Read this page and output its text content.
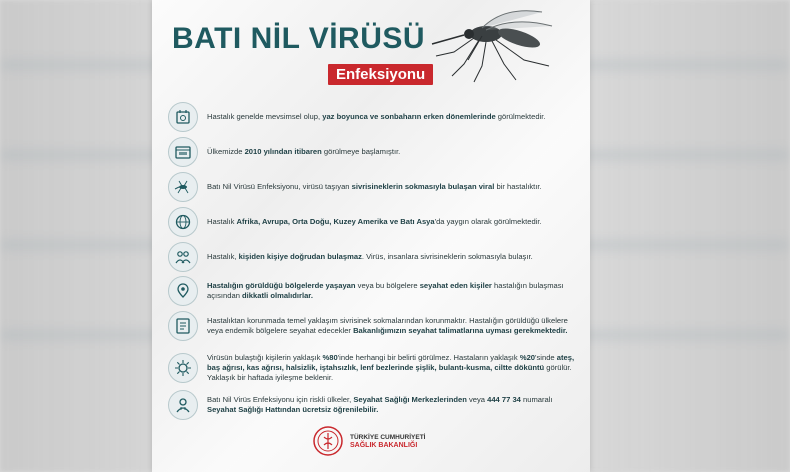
BATI NİL VİRÜSÜ
Enfeksiyonu
Hastalık genelde mevsimsel olup, yaz boyunca ve sonbaharın erken dönemlerinde görülmektedir.
Ülkemizde 2010 yılından itibaren görülmeye başlamıştır.
Batı Nil Virüsü Enfeksiyonu, virüsü taşıyan sivrisineklerin sokmasıyla bulaşan viral bir hastalıktır.
Hastalık Afrika, Avrupa, Orta Doğu, Kuzey Amerika ve Batı Asya'da yaygın olarak görülmektedir.
Hastalık, kişiden kişiye doğrudan bulaşmaz. Virüs, insanlara sivrisineklerin sokmasıyla bulaşır.
Hastalığın görüldüğü bölgelerde yaşayan veya bu bölgelere seyahat eden kişiler hastalığın bulaşması açısından dikkatli olmalıdırlar.
Hastalıktan korunmada temel yaklaşım sivrisinek sokmalarından korunmaktır. Hastalığın görüldüğü ülkelere veya endemik bölgelere seyahat edecekler Bakanlığımızın seyahat talimatlarına uyması gerekmektedir.
Virüsün bulaştığı kişilerin yaklaşık %80'inde herhangi bir belirti görülmez. Hastaların yaklaşık %20'sinde ateş, baş ağrısı, kas ağrısı, halsizlik, iştahsızlık, lenf bezlerinde şişlik, bulantı-kusma, ciltte döküntü görülür. Yaklaşık bir haftada iyileşme beklenir.
Batı Nil Virüs Enfeksiyonu için riskli ülkeler, Seyahat Sağlığı Merkezlerinden veya 444 77 34 numaralı Seyahat Sağlığı Hattından ücretsiz öğrenilebilir.
TÜRKİYE CUMHURİYETİ
SAĞLIK BAKANLIĞI
